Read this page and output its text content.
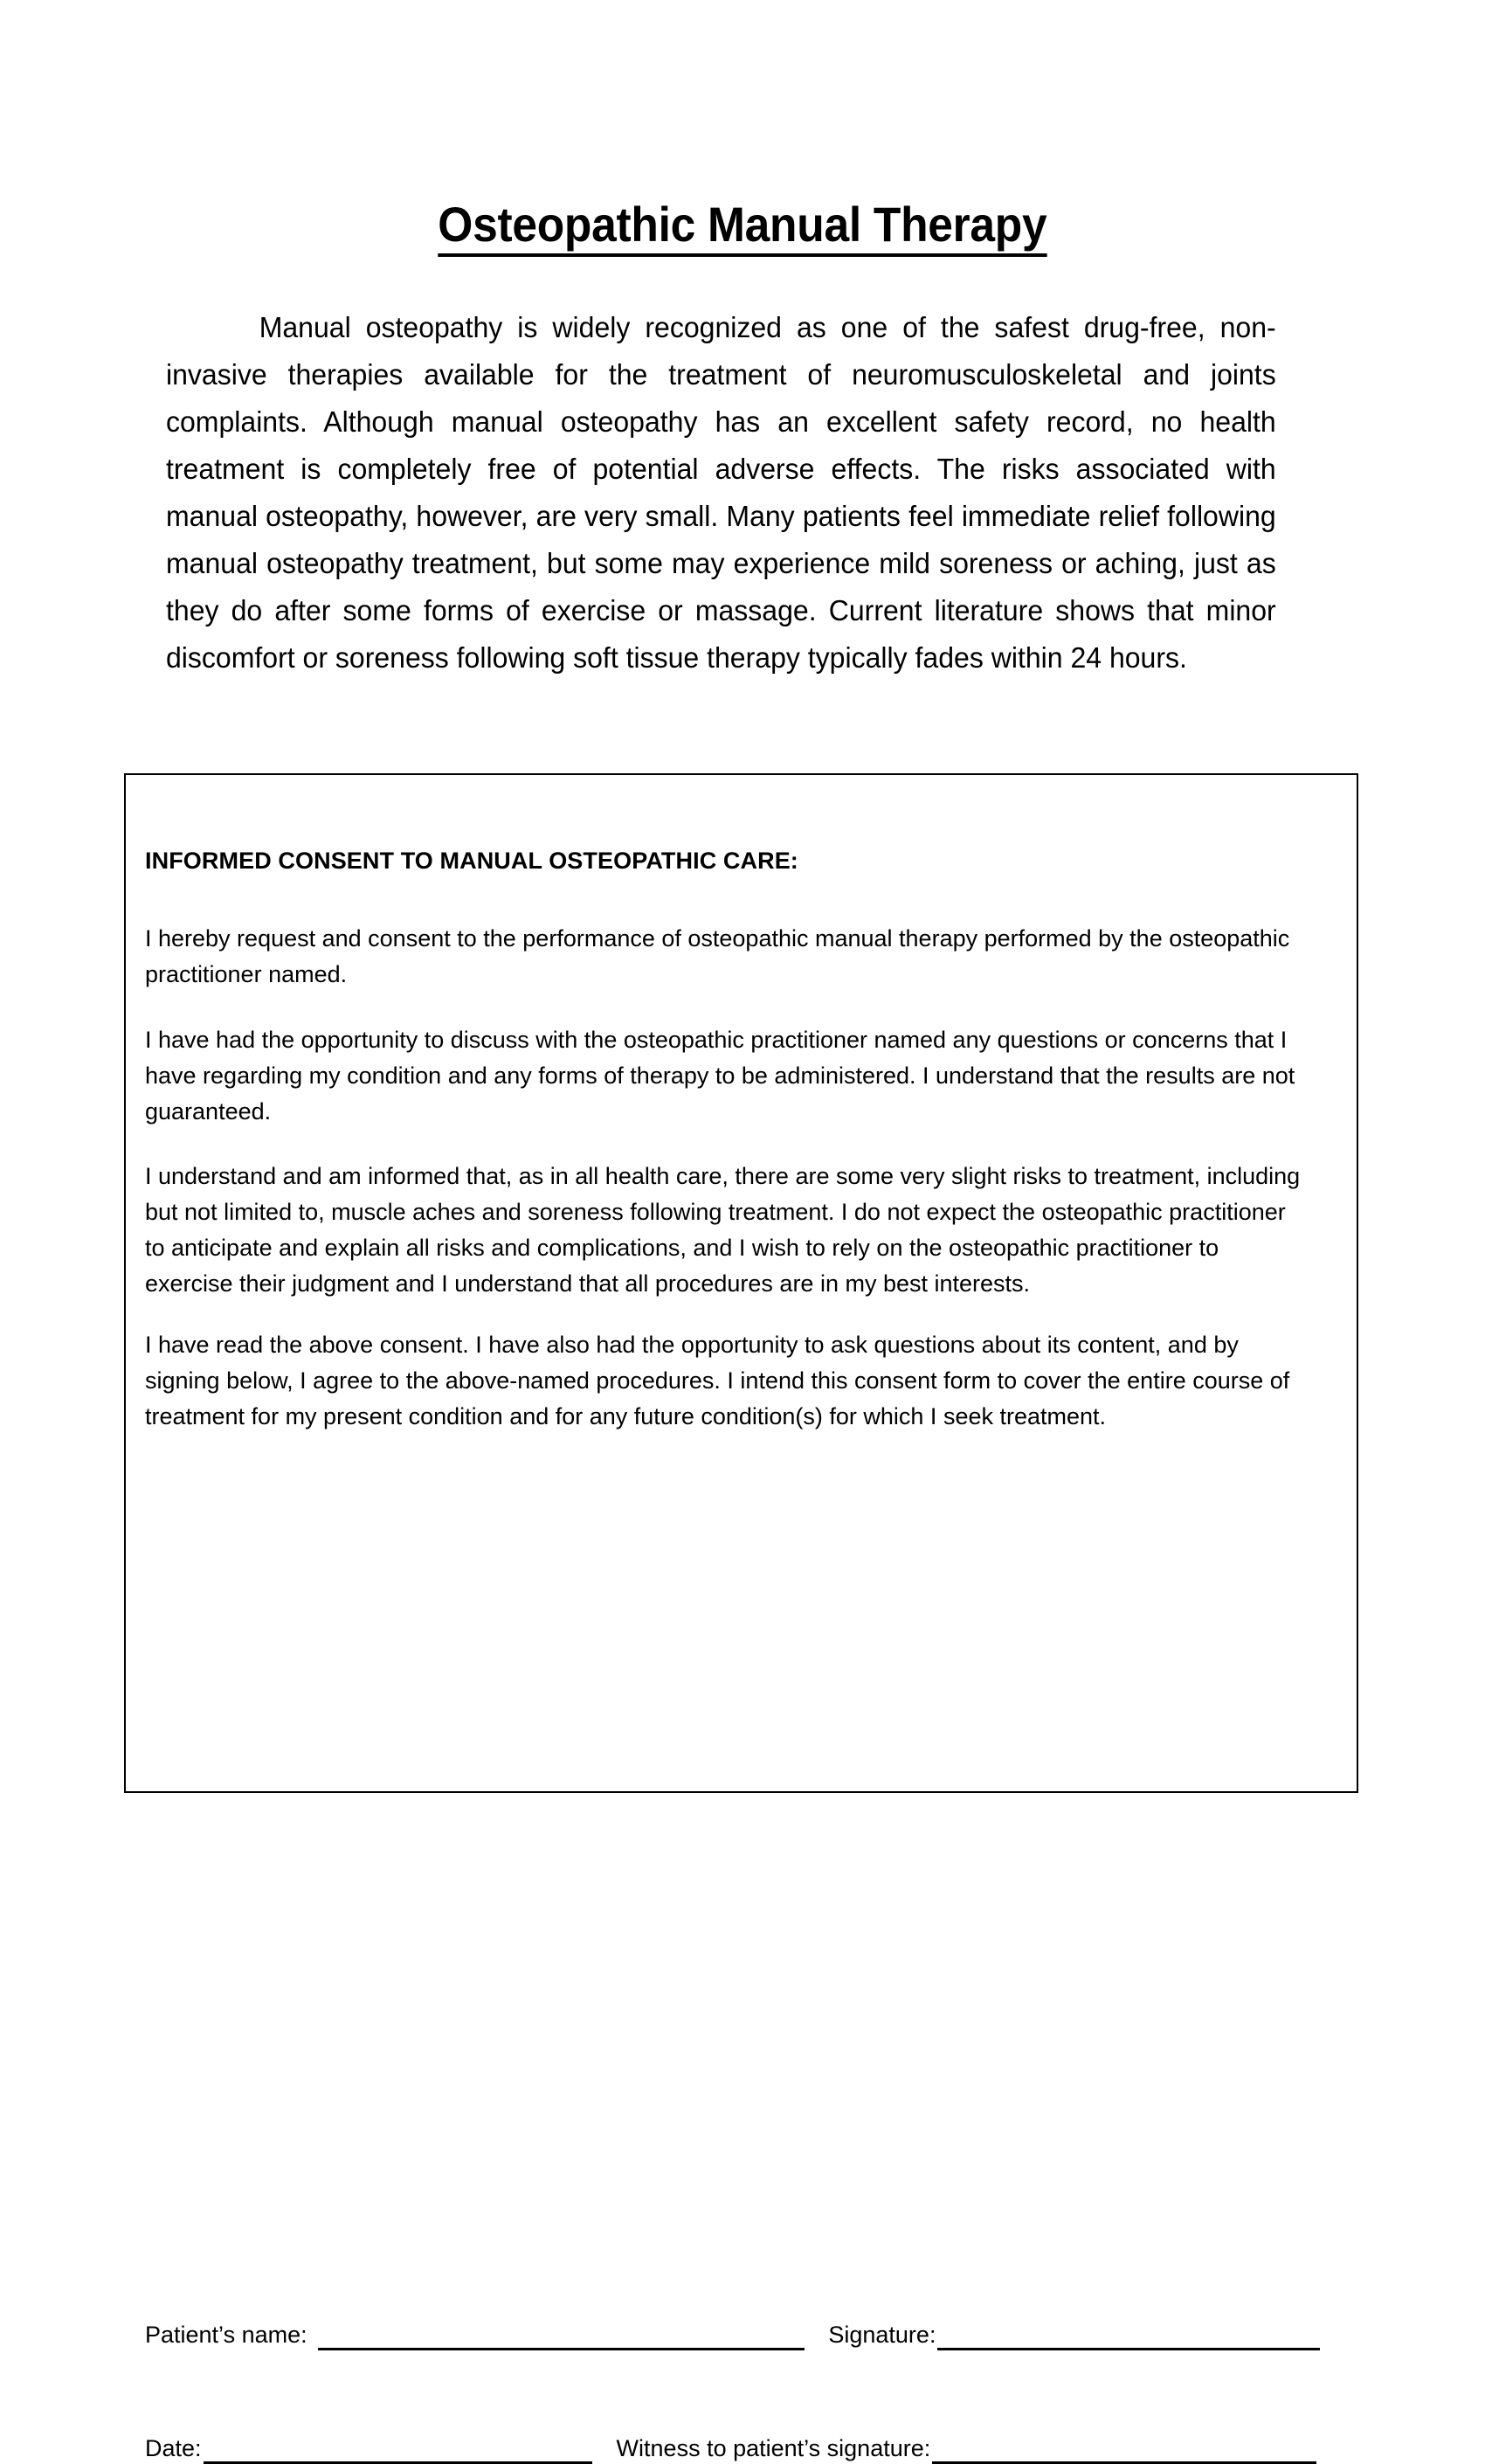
Osteopathic Manual Therapy

Manual osteopathy is widely recognized as one of the safest drug-free, non-invasive therapies available for the treatment of neuromusculoskeletal and joints complaints. Although manual osteopathy has an excellent safety record, no health treatment is completely free of potential adverse effects. The risks associated with manual osteopathy, however, are very small. Many patients feel immediate relief following manual osteopathy treatment, but some may experience mild soreness or aching, just as they do after some forms of exercise or massage. Current literature shows that minor discomfort or soreness following soft tissue therapy typically fades within 24 hours.

INFORMED CONSENT TO MANUAL OSTEOPATHIC CARE:

I hereby request and consent to the performance of osteopathic manual therapy performed by the osteopathic practitioner named.

I have had the opportunity to discuss with the osteopathic practitioner named any questions or concerns that I have regarding my condition and any forms of therapy to be administered. I understand that the results are not guaranteed.

I understand and am informed that, as in all health care, there are some very slight risks to treatment, including but not limited to, muscle aches and soreness following treatment. I do not expect the osteopathic practitioner to anticipate and explain all risks and complications, and I wish to rely on the osteopathic practitioner to exercise their judgment and I understand that all procedures are in my best interests.

I have read the above consent. I have also had the opportunity to ask questions about its content, and by signing below, I agree to the above-named procedures. I intend this consent form to cover the entire course of treatment for my present condition and for any future condition(s) for which I seek treatment.

Patient’s name:	Signature:
Date:	Witness to patient’s signature:
